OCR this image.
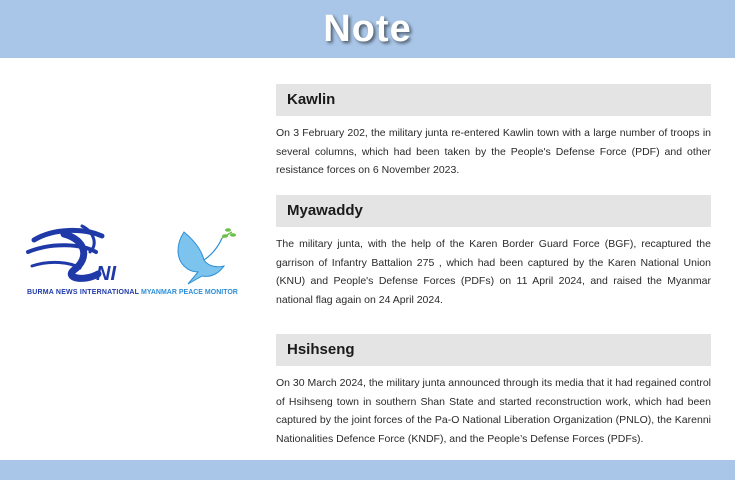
Note
NI
BURMA NEWS INTERNATIONAL MYANMAR PEACE MONITOR
Kawlin

On 3 February 202, the military junta re-entered Kawlin town with a large number of troops in several columns, which had been taken by the People's Defense Force (PDF) and other resistance forces on 6 November 2023.

Myawaddy

The military junta, with the help of the Karen Border Guard Force (BGF), recaptured the garrison of Infantry Battalion 275 , which had been captured by the Karen National Union (KNU) and People's Defense Forces (PDFs) on 11 April 2024, and raised the Myanmar national flag again on 24 April 2024.

Hsihseng

On 30 March 2024, the military junta announced through its media that it had regained control of Hsihseng town in southern Shan State and started reconstruction work, which had been captured by the joint forces of the Pa-O National Liberation Organization (PNLO), the Karenni Nationalities Defence Force (KNDF), and the People’s Defense Forces (PDFs).
